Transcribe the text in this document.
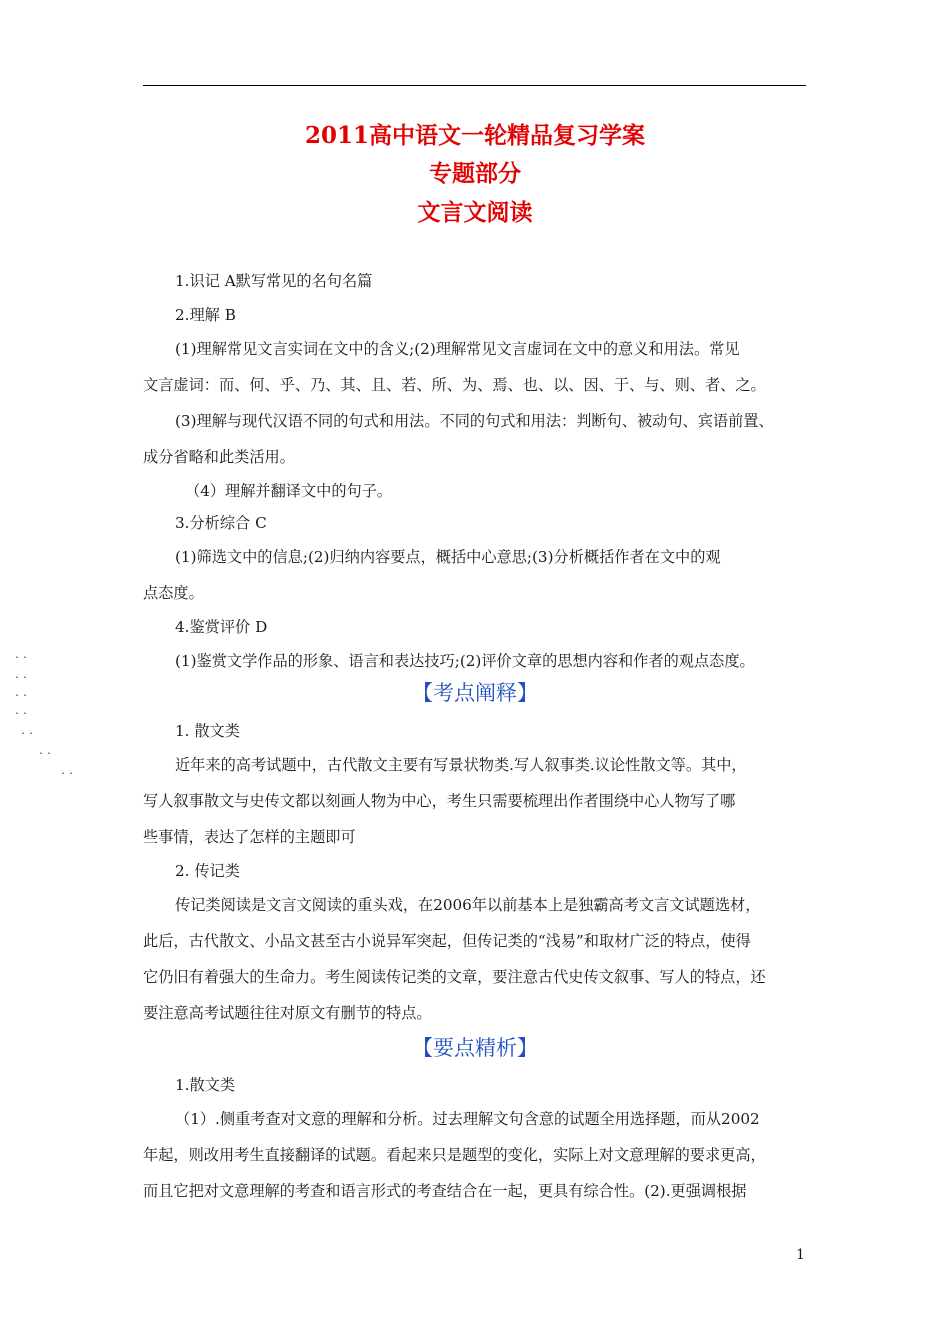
2011高中语文一轮精品复习学案
专题部分
文言文阅读
1.识记 A默写常见的名句名篇
2.理解 B
(1)理解常见文言实词在文中的含义;(2)理解常见文言虚词在文中的意义和用法。常见
文言虚词：而、何、乎、乃、其、且、若、所、为、焉、也、以、因、于、与、则、者、之。
(3)理解与现代汉语不同的句式和用法。不同的句式和用法：判断句、被动句、宾语前置、
成分省略和此类活用。
（4）理解并翻译文中的句子。
3.分析综合 C
(1)筛选文中的信息;(2)归纳内容要点，概括中心意思;(3)分析概括作者在文中的观
点态度。
4.鉴赏评价 D
(1)鉴赏文学作品的形象、语言和表达技巧;(2)评价文章的思想内容和作者的观点态度。
..
..
..
..
..
..
..
【考点阐释】
1. 散文类
近年来的高考试题中，古代散文主要有写景状物类.写人叙事类.议论性散文等。其中，
写人叙事散文与史传文都以刻画人物为中心，考生只需要梳理出作者围绕中心人物写了哪
些事情，表达了怎样的主题即可
2. 传记类
传记类阅读是文言文阅读的重头戏，在2006年以前基本上是独霸高考文言文试题选材，
此后，古代散文、小品文甚至古小说异军突起，但传记类的“浅易”和取材广泛的特点，使得
它仍旧有着强大的生命力。考生阅读传记类的文章，要注意古代史传文叙事、写人的特点，还
要注意高考试题往往对原文有删节的特点。
【要点精析】
1.散文类
（1）.侧重考查对文意的理解和分析。过去理解文句含意的试题全用选择题，而从2002
年起，则改用考生直接翻译的试题。看起来只是题型的变化，实际上对文意理解的要求更高，
而且它把对文意理解的考查和语言形式的考查结合在一起，更具有综合性。(2).更强调根据
1
